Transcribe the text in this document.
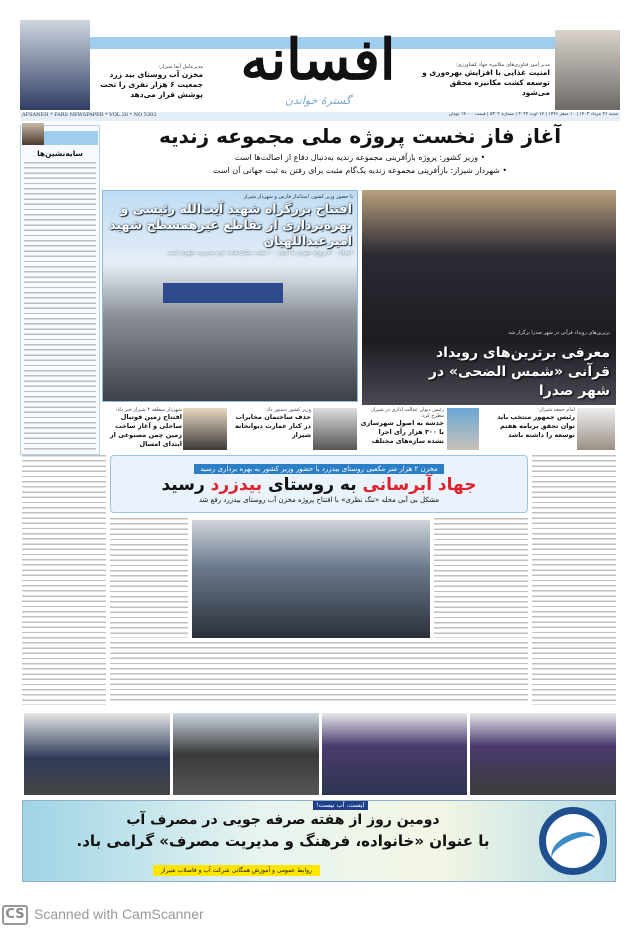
مدیر امور فناوری‌های مکانیزه جهاد کشاورزی:
امنیت غذایی با افزایش بهره‌وری و توسعه کشت مکانیزه محقق می‌شود
مدیرعامل آبفا شیراز:
مخزن آب روستای بید زرد جمعیت ۶ هزار نفری را تحت پوشش قرار می‌دهد
افسانه
گسترهٔ خواندن
AFSANEH * FARS NEWSPAPER * VOL.20 * NO 5302	شنبه ۲۶ مرداد ۱۴۰۳ | ۱۰ صفر ۱۴۴۶ | ۱۷ اوت ۲۰۲۴ | شماره ۵۳۰۲ | قیمت ۱۴۰۰۰ تومان
سایه‌نشین‌ها
آغاز فاز نخست پروژه ملی مجموعه زندیه
• وزیر کشور: پروژه بازآفرینی مجموعه زندیه به‌دنبال دفاع از اصالت‌ها است
• شهردار شیراز: بازآفرینی مجموعه زندیه یک‌گام مثبت برای رفتن به ثبت جهانی آن است
با حضور وزیر کشور، استاندار فارس و شهردار شیراز
افتتاح بزرگراه شهید آیت‌الله رئیسی و بهره‌برداری از تقاطع غیرهمسطح شهید امیرعبداللهیان
اجرای ۵۰۰ پروژه شهری با اعتبار ۱۰۰ همت نشان‌دهنده عزم مدیریت شهری است
برترین‌های رویداد قرآنی در شهر صدرا برگزار شد
معرفی برترین‌های رویداد قرآنی «شمس الضحی» در شهر صدرا
امام جمعه شیراز:
رئیس جمهور منتخب باید توان تحقق برنامه هفتم توسعه را داشته باشد
رئیس دیوان عدالت اداری در شیراز مطرح کرد:
خدشه به اصول شهرسازی با ۳۰۰ هزار رأی اجرا نشده سازه‌های مختلف
وزیر کشور دستور داد:
حذف ساختمان مخابرات در کنار عمارت دیوانخانه شیراز
شهردار منطقه ۴ شیراز خبر داد:
افتتاح زمین فوتبال ساحلی و آغاز ساخت زمین چمن مصنوعی از ابتدای امسال
مخزن ۲ هزار متر مکعبی روستای بیدزرد با حضور وزیر کشور به بهره برداری رسید
جهاد آبرسانی به روستای بیدزرد رسید
مشکل بی آبی محله «تنگ نظری» با افتتاح پروژه مخزن آب روستای بیدزرد رفع شد
ایست، آب نیست!
دومین روز از هفته صرفه جویی در مصرف آب
با عنوان «خانواده، فرهنگ و مدیریت مصرف» گرامی باد.
روابط عمومی و آموزش همگانی شرکت آب و فاضلاب شیراز
CS Scanned with CamScanner
